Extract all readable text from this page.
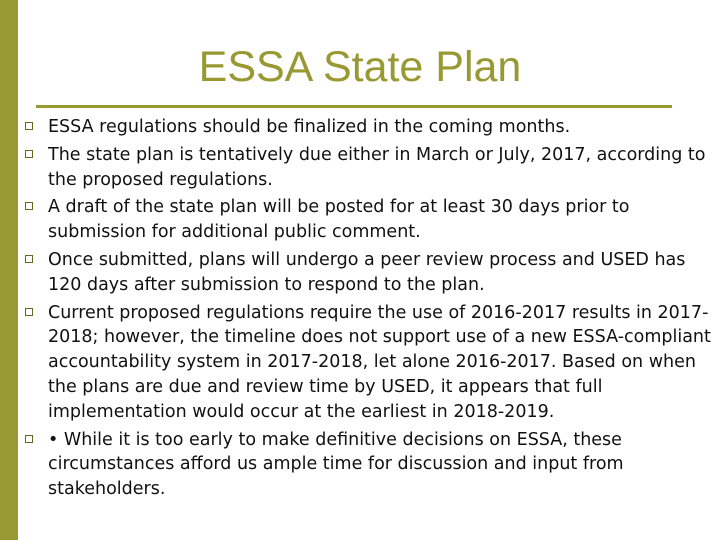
ESSA State Plan
ESSA regulations should be finalized in the coming months.
The state plan is tentatively due either in March or July, 2017, according to the proposed regulations.
A draft of the state plan will be posted for at least 30 days prior to submission for additional public comment.
Once submitted, plans will undergo a peer review process and USED has 120 days after submission to respond to the plan.
Current proposed regulations require the use of 2016-2017 results in 2017-2018; however, the timeline does not support use of a new ESSA-compliant accountability system in 2017-2018, let alone 2016-2017. Based on when the plans are due and review time by USED, it appears that full implementation would occur at the earliest in 2018-2019.
• While it is too early to make definitive decisions on ESSA, these circumstances afford us ample time for discussion and input from stakeholders.
